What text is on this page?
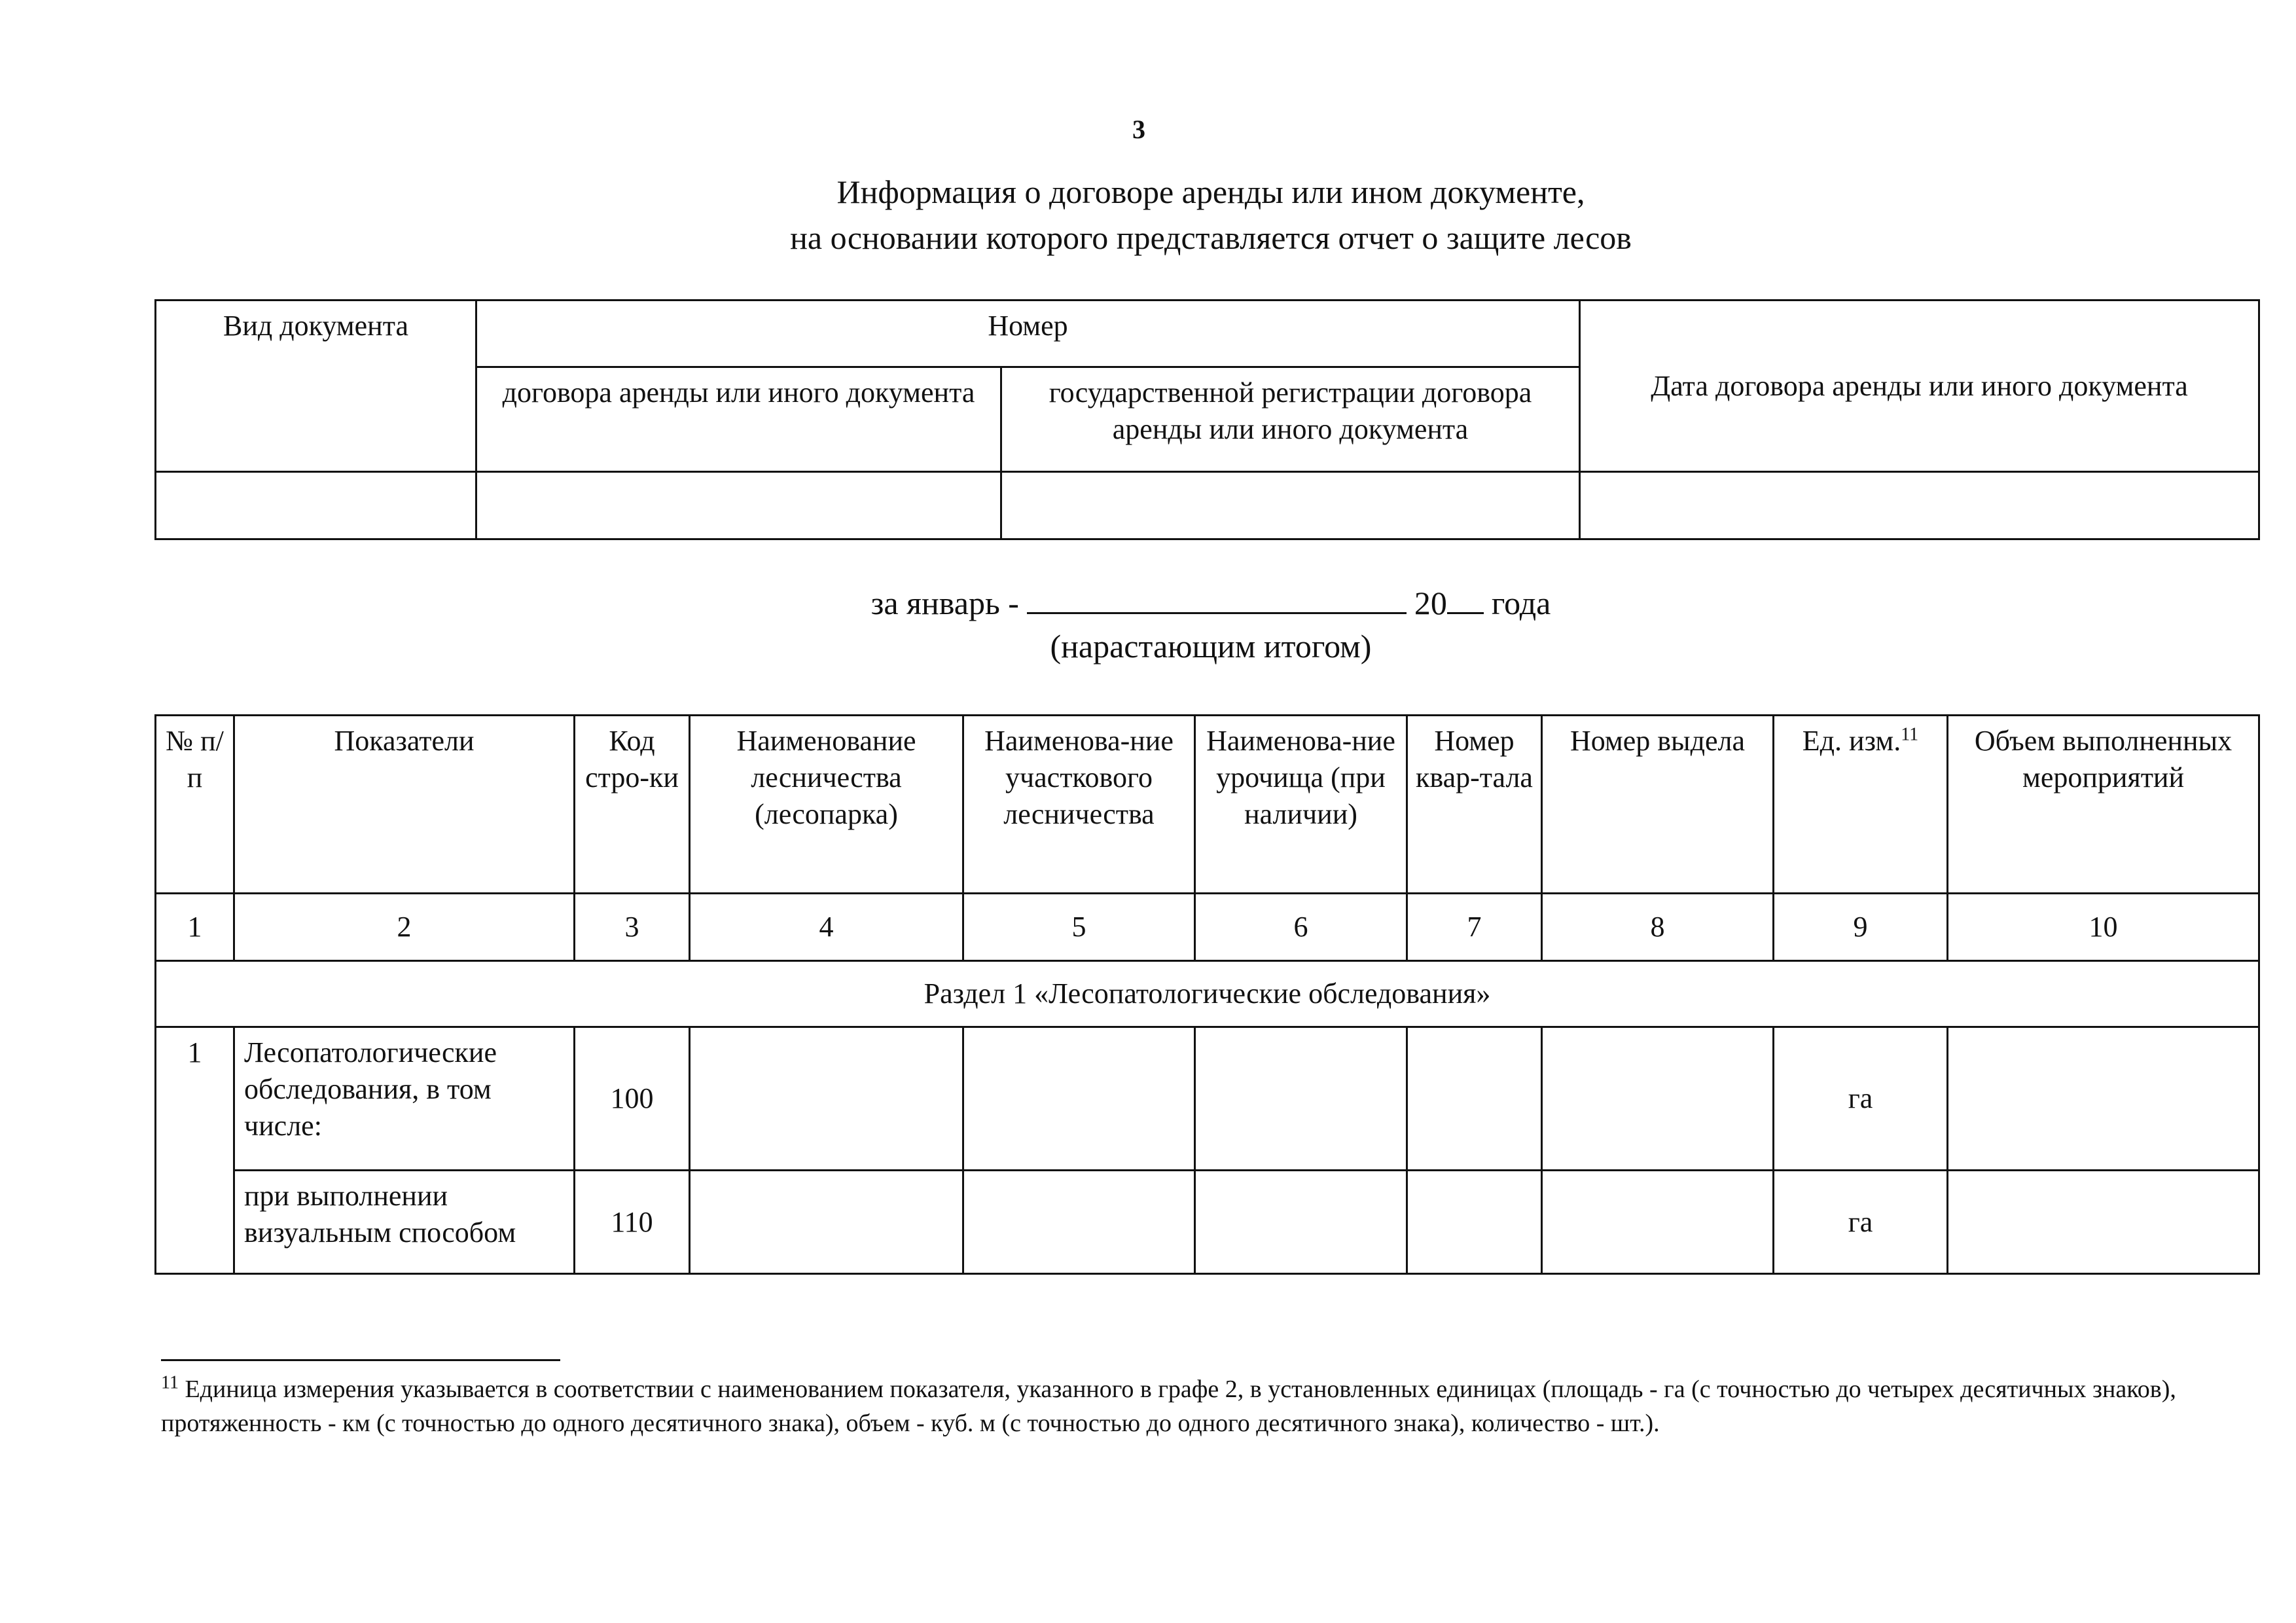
3
Информация о договоре аренды или ином документе,
на основании которого представляется отчет о защите лесов
Вид документа	Номер		Дата договора аренды или иного документа
	договора аренды или иного документа	государственной регистрации договора аренды или иного документа	

за январь -	20 года
(нарастающим итогом)
№ п/п	Показатели	Код стро-ки	Наименование лесничества (лесопарка)	Наименова-ние участкового лесничества	Наименова-ние урочища (при наличии)	Номер квар-тала	Номер выдела	Ед. изм.$^{11}$	Объем выполненных мероприятий
1	2	3	4	5	6	7	8	9	10
Раздел 1 «Лесопатологические обследования»									
1	Лесопатологические обследования, в том числе:	100						га	
	при выполнении визуальным способом	110						га	
$^{11}$ Единица измерения указывается в соответствии с наименованием показателя, указанного в графе 2, в установленных единицах (площадь - га (с точностью до четырех десятичных знаков), протяженность - км (с точностью до одного десятичного знака), объем - куб. м (с точностью до одного десятичного знака), количество - шт.).
